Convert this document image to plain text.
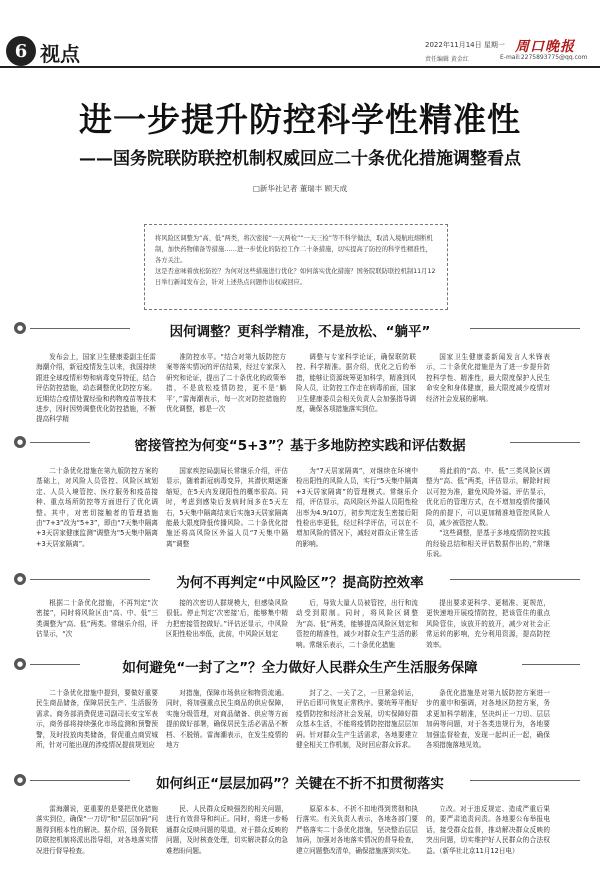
6 视点	2022年11月14日 星期一
责任编辑 黄金红
周口晚报
E-mail:2275893775@qq.com
进一步提升防控科学性精准性
——国务院联防联控机制权威回应二十条优化措施调整看点
□新华社记者 董瑞丰 顾天成

将风险区调整为“高、低”两类，将次密接“一天两检”“一天三检”等不科学做法，取消入境航班熔断机制，加快药物储备等措施……进一步优化的防控工作二十条措施，切实提高了防控的科学性精准性，各方关注。

这是否意味着放松防控？为何对这些措施进行优化？如何落实优化措施？国务院联防联控机制11月12日举行新闻发布会，针对上述热点问题作出权威回应。

●	因何调整？更科学精准，不是放松、“躺平”

发布会上，国家卫生健康委副主任雷海潮介绍，新冠疫情发生以来，我国持续跟进全球疫情形势和病毒变异特征，结合评估防控措施，动态调整优化防控方案。近期结合疫情处置经验和药物疫苗等技术进步，因时因势调整优化防控措施，不断提高科学精

准防控水平。“结合对第九版防控方案等落实情况的评估结果，经过专家深入研究和论证，提出了二十条优化的政策举措，不是放松疫情防控，更不是‘躺平’，”雷海潮表示，每一次对防控措施的优化调整，都是一次

调整与专家科学论证，确保联防联控、科学精准。据介绍，优化之后的举措，能够让资源统筹更加科学，精准到风险人员，让防控工作走在病毒前面，国家卫生健康委员会相关负责人会加强指导调度，确保各项措施落实到位。

国家卫生健康委新闻发言人米锋表示，二十条优化措施是为了进一步提升防控科学性、精准性，最大限度保护人民生命安全和身体健康，最大限度减少疫情对经济社会发展的影响。

●	密接管控为何变“5+3”？基于多地防控实践和评估数据

二十条优化措施在第九版防控方案的基础上，对风险人员管控、风险区域划定、人员入境管控、医疗服务和疫苗接种、重点场所防控等方面进行了优化调整。其中，对密切接触者的管理措施由“7+3”改为“5+3”，即由“7天集中隔离+3天居家健康监测”调整为“5天集中隔离+3天居家隔离”。

国家疾控局副局长常继乐介绍，评估显示，随着新冠病毒变异，其潜伏期逐渐缩短，在5天内发现阳性的概率很高。同时，考虑到感染后发病时间多在5天左右，5天集中隔离结束后实施3天居家隔离能最大限度降低传播风险。二十条优化措施还将高风险区外溢人员“7天集中隔离”调整

为“7天居家隔离”，对继续在环境中检出阳性的风险人员，实行“5天集中隔离+3天居家隔离”的管理模式。常继乐介绍，评估显示，高风险区外溢人员阳性检出率为4.9/10万，初步判定发生密接后阳性检出率更低，经过科学评估，可以在不增加风险的情况下，减轻对群众正常生活的影响。

将此前的“高、中、低”三类风险区调整为“高、低”两类，评估显示，解除时间以可控为准，避免风险外溢。评估显示，优化后的管理方式，在不增加疫情传播风险的前提下，可以更加精准地管控风险人员，减少被管控人数。

“这些调整，是基于多地疫情防控实践的经验总结和相关评估数据作出的，”常继乐说。

●	为何不再判定“中风险区”？提高防控效率

根据二十条优化措施，不再判定“次密接”，同时将风险区由“高、中、低”三类调整为“高、低”两类。常继乐介绍，评估显示，“次

接的次密切人群规模大，但感染风险很低。停止判定‘次密接’后，能够集中精力把密接管控做好。”评估还显示，中风险区阳性检出率低，此前，中风险区划定

后，导致大量人员被管控，出行和流动受到限制。同时，将风险区调整为“高、低”两类，能够提高风险区划定和管控的精准性，减少对群众生产生活的影响。常继乐表示，二十条优化措施

提出要求更科学、更精准、更规范，更快速地开展疫情防控，把该管住的重点风险管住，该放开的放开，减少对社会正常运转的影响，充分利用资源，提高防控效率。

●	如何避免“一封了之”？全力做好人民群众生产生活服务保障

二十条优化措施中提到，要做好重要民生商品储备，保障居民生产、生活服务需求。商务部消费促进司副司长安宝军表示，商务部将持续强化市场监测和预警预警，及时投放肉类储备，督促重点商贸城所，针对可能出现的涉疫情况提前规划应

对措施，保障市场供应和物资流通。同时，将加强重点民生商品的供应保障，实施分级管理，对商品储备、供应等方面提前做好部署，确保居民生活必需品不断档、不脱销。雷海潮表示，在发生疫情的地方

封了之、一关了之，一旦紧急转运，评估后即可恢复正常秩序。要统筹平衡好疫情防控和经济社会发展，切实保障好群众基本生活，不能将疫情防控措施层层加码。针对群众生产生活需求，各地要建立健全相关工作机制，及时回应群众诉求。

条优化措施是对第九版防控方案进一步的重申和强调，对各地区防控方案，务求更加科学精准，坚决纠正一刀切、层层加码等问题，对于各类违规行为，各地要加强监督检查，发现一起纠正一起，确保各项措施落地见效。

●	如何纠正“层层加码”？关键在不折不扣贯彻落实

雷海潮说，更重要的是要把优化措施落实到位，确保“一刀切”和“层层加码”问题得到根本性的解决。据介绍，国务院联防联控机制将派出指导组，对各地落实情况进行督导检查。

民、人民群众反映强烈的相关问题，进行有效督导和纠正。同时，将进一步畅通群众反映问题的渠道，对于群众反映的问题，及时核查处理，切实解决群众的急难愁盼问题。

原原本本、不折不扣地得到贯彻和执行落实。有关负责人表示，各地各部门要严格落实二十条优化措施，坚决整治层层加码，加强对各地落实情况的督导检查，建立问题整改清单，确保措施落到实处。

立改。对于违反规定、造成严重后果的，要严肃追责问责。各地要公布举报电话，接受群众监督，推动解决群众反映的突出问题，切实维护好人民群众的合法权益。（新华社北京11月12日电）
